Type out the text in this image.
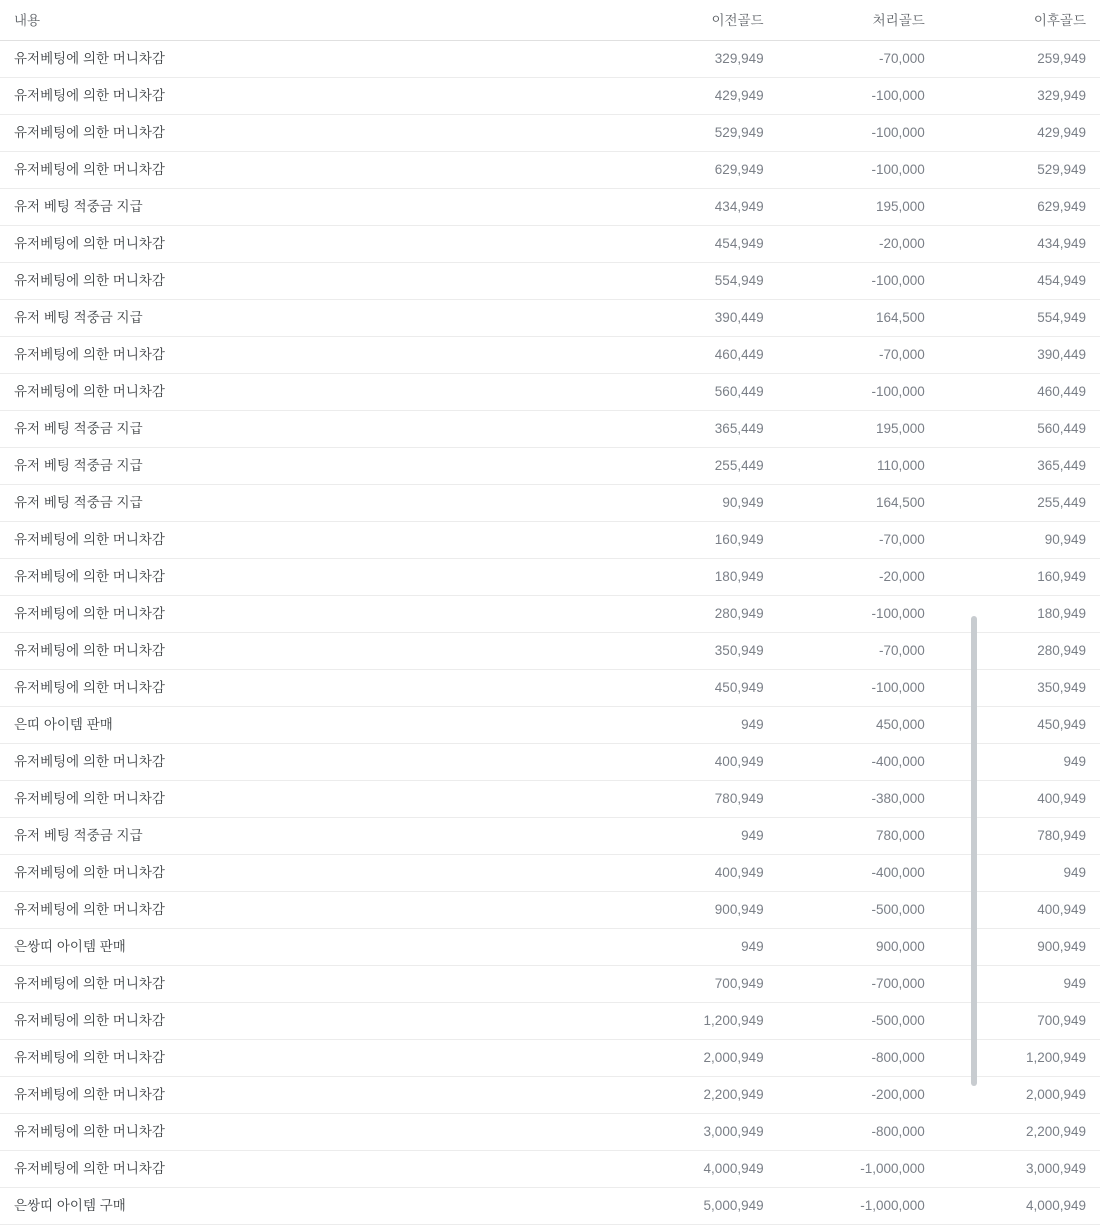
내용	이전골드	처리골드	이후골드
유저베팅에 의한 머니차감	329,949	-70,000	259,949
유저베팅에 의한 머니차감	429,949	-100,000	329,949
유저베팅에 의한 머니차감	529,949	-100,000	429,949
유저베팅에 의한 머니차감	629,949	-100,000	529,949
유저 베팅 적중금 지급	434,949	195,000	629,949
유저베팅에 의한 머니차감	454,949	-20,000	434,949
유저베팅에 의한 머니차감	554,949	-100,000	454,949
유저 베팅 적중금 지급	390,449	164,500	554,949
유저베팅에 의한 머니차감	460,449	-70,000	390,449
유저베팅에 의한 머니차감	560,449	-100,000	460,449
유저 베팅 적중금 지급	365,449	195,000	560,449
유저 베팅 적중금 지급	255,449	110,000	365,449
유저 베팅 적중금 지급	90,949	164,500	255,449
유저베팅에 의한 머니차감	160,949	-70,000	90,949
유저베팅에 의한 머니차감	180,949	-20,000	160,949
유저베팅에 의한 머니차감	280,949	-100,000	180,949
유저베팅에 의한 머니차감	350,949	-70,000	280,949
유저베팅에 의한 머니차감	450,949	-100,000	350,949
은띠 아이템 판매	949	450,000	450,949
유저베팅에 의한 머니차감	400,949	-400,000	949
유저베팅에 의한 머니차감	780,949	-380,000	400,949
유저 베팅 적중금 지급	949	780,000	780,949
유저베팅에 의한 머니차감	400,949	-400,000	949
유저베팅에 의한 머니차감	900,949	-500,000	400,949
은쌍띠 아이템 판매	949	900,000	900,949
유저베팅에 의한 머니차감	700,949	-700,000	949
유저베팅에 의한 머니차감	1,200,949	-500,000	700,949
유저베팅에 의한 머니차감	2,000,949	-800,000	1,200,949
유저베팅에 의한 머니차감	2,200,949	-200,000	2,000,949
유저베팅에 의한 머니차감	3,000,949	-800,000	2,200,949
유저베팅에 의한 머니차감	4,000,949	-1,000,000	3,000,949
은쌍띠 아이템 구매	5,000,949	-1,000,000	4,000,949
